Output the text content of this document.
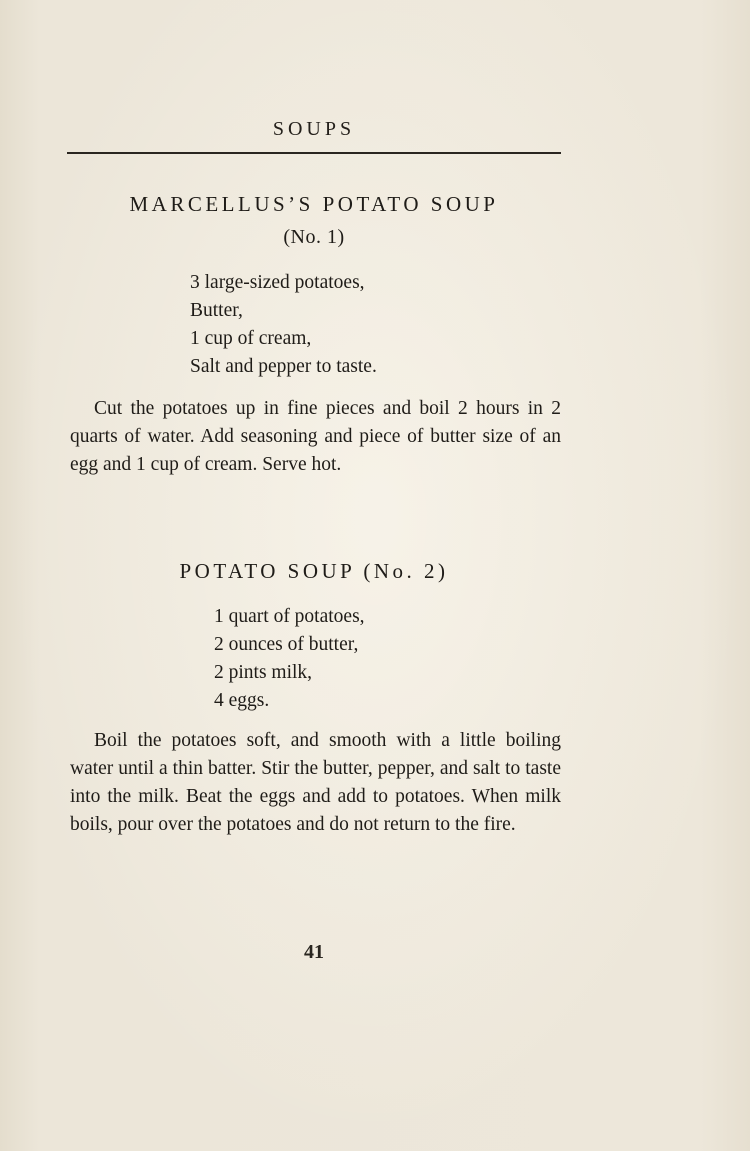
SOUPS
MARCELLUS’S POTATO SOUP
(No. 1)
3 large-sized potatoes,
Butter,
1 cup of cream,
Salt and pepper to taste.

Cut the potatoes up in fine pieces and boil 2 hours in 2 quarts of water. Add seasoning and piece of butter size of an egg and 1 cup of cream. Serve hot.

POTATO SOUP (No. 2)
1 quart of potatoes,
2 ounces of butter,
2 pints milk,
4 eggs.

Boil the potatoes soft, and smooth with a little boiling water until a thin batter. Stir the butter, pepper, and salt to taste into the milk. Beat the eggs and add to potatoes. When milk boils, pour over the potatoes and do not return to the fire.

41
